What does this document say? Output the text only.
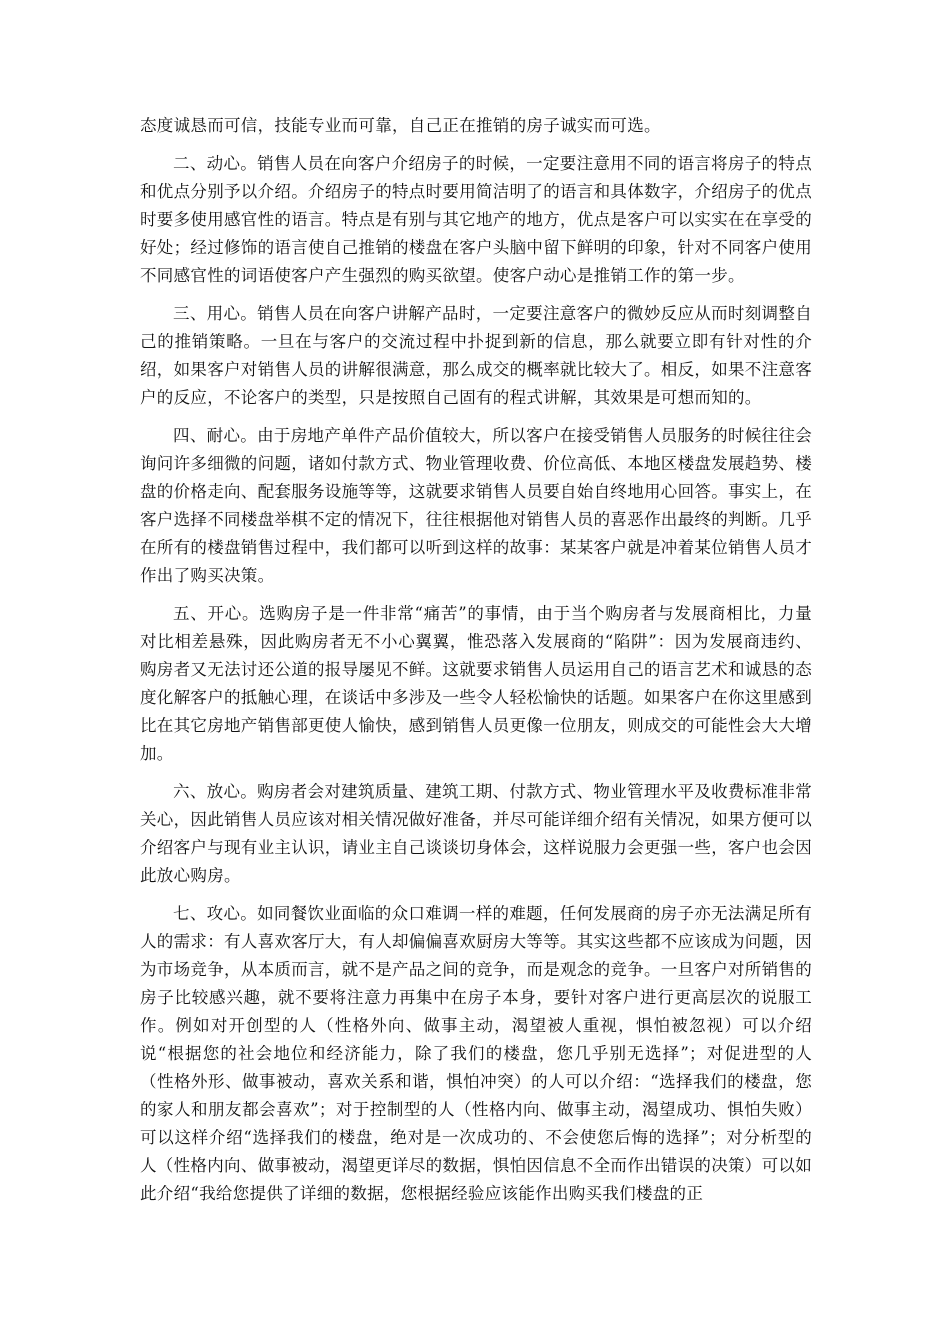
态度诚恳而可信，技能专业而可靠，自己正在推销的房子诚实而可选。

二、动心。销售人员在向客户介绍房子的时候，一定要注意用不同的语言将房子的特点和优点分别予以介绍。介绍房子的特点时要用简洁明了的语言和具体数字，介绍房子的优点时要多使用感官性的语言。特点是有别与其它地产的地方，优点是客户可以实实在在享受的好处；经过修饰的语言使自己推销的楼盘在客户头脑中留下鲜明的印象，针对不同客户使用不同感官性的词语使客户产生强烈的购买欲望。使客户动心是推销工作的第一步。

三、用心。销售人员在向客户讲解产品时，一定要注意客户的微妙反应从而时刻调整自己的推销策略。一旦在与客户的交流过程中扑捉到新的信息，那么就要立即有针对性的介绍，如果客户对销售人员的讲解很满意，那么成交的概率就比较大了。相反，如果不注意客户的反应，不论客户的类型，只是按照自己固有的程式讲解，其效果是可想而知的。

四、耐心。由于房地产单件产品价值较大，所以客户在接受销售人员服务的时候往往会询问许多细微的问题，诸如付款方式、物业管理收费、价位高低、本地区楼盘发展趋势、楼盘的价格走向、配套服务设施等等，这就要求销售人员要自始自终地用心回答。事实上，在客户选择不同楼盘举棋不定的情况下，往往根据他对销售人员的喜恶作出最终的判断。几乎在所有的楼盘销售过程中，我们都可以听到这样的故事：某某客户就是冲着某位销售人员才作出了购买决策。

五、开心。选购房子是一件非常“痛苦”的事情，由于当个购房者与发展商相比，力量对比相差悬殊，因此购房者无不小心翼翼，惟恐落入发展商的“陷阱”：因为发展商违约、购房者又无法讨还公道的报导屡见不鲜。这就要求销售人员运用自己的语言艺术和诚恳的态度化解客户的抵触心理，在谈话中多涉及一些令人轻松愉快的话题。如果客户在你这里感到比在其它房地产销售部更使人愉快，感到销售人员更像一位朋友，则成交的可能性会大大增加。

六、放心。购房者会对建筑质量、建筑工期、付款方式、物业管理水平及收费标准非常关心，因此销售人员应该对相关情况做好准备，并尽可能详细介绍有关情况，如果方便可以介绍客户与现有业主认识，请业主自己谈谈切身体会，这样说服力会更强一些，客户也会因此放心购房。

七、攻心。如同餐饮业面临的众口难调一样的难题，任何发展商的房子亦无法满足所有人的需求：有人喜欢客厅大，有人却偏偏喜欢厨房大等等。其实这些都不应该成为问题，因为市场竞争，从本质而言，就不是产品之间的竞争，而是观念的竞争。一旦客户对所销售的房子比较感兴趣，就不要将注意力再集中在房子本身，要针对客户进行更高层次的说服工作。例如对开创型的人（性格外向、做事主动，渴望被人重视，惧怕被忽视）可以介绍说“根据您的社会地位和经济能力，除了我们的楼盘，您几乎别无选择”；对促进型的人（性格外形、做事被动，喜欢关系和谐，惧怕冲突）的人可以介绍：“选择我们的楼盘，您的家人和朋友都会喜欢”；对于控制型的人（性格内向、做事主动，渴望成功、惧怕失败）可以这样介绍“选择我们的楼盘，绝对是一次成功的、不会使您后悔的选择”；对分析型的人（性格内向、做事被动，渴望更详尽的数据，惧怕因信息不全而作出错误的决策）可以如此介绍“我给您提供了详细的数据，您根据经验应该能作出购买我们楼盘的正
